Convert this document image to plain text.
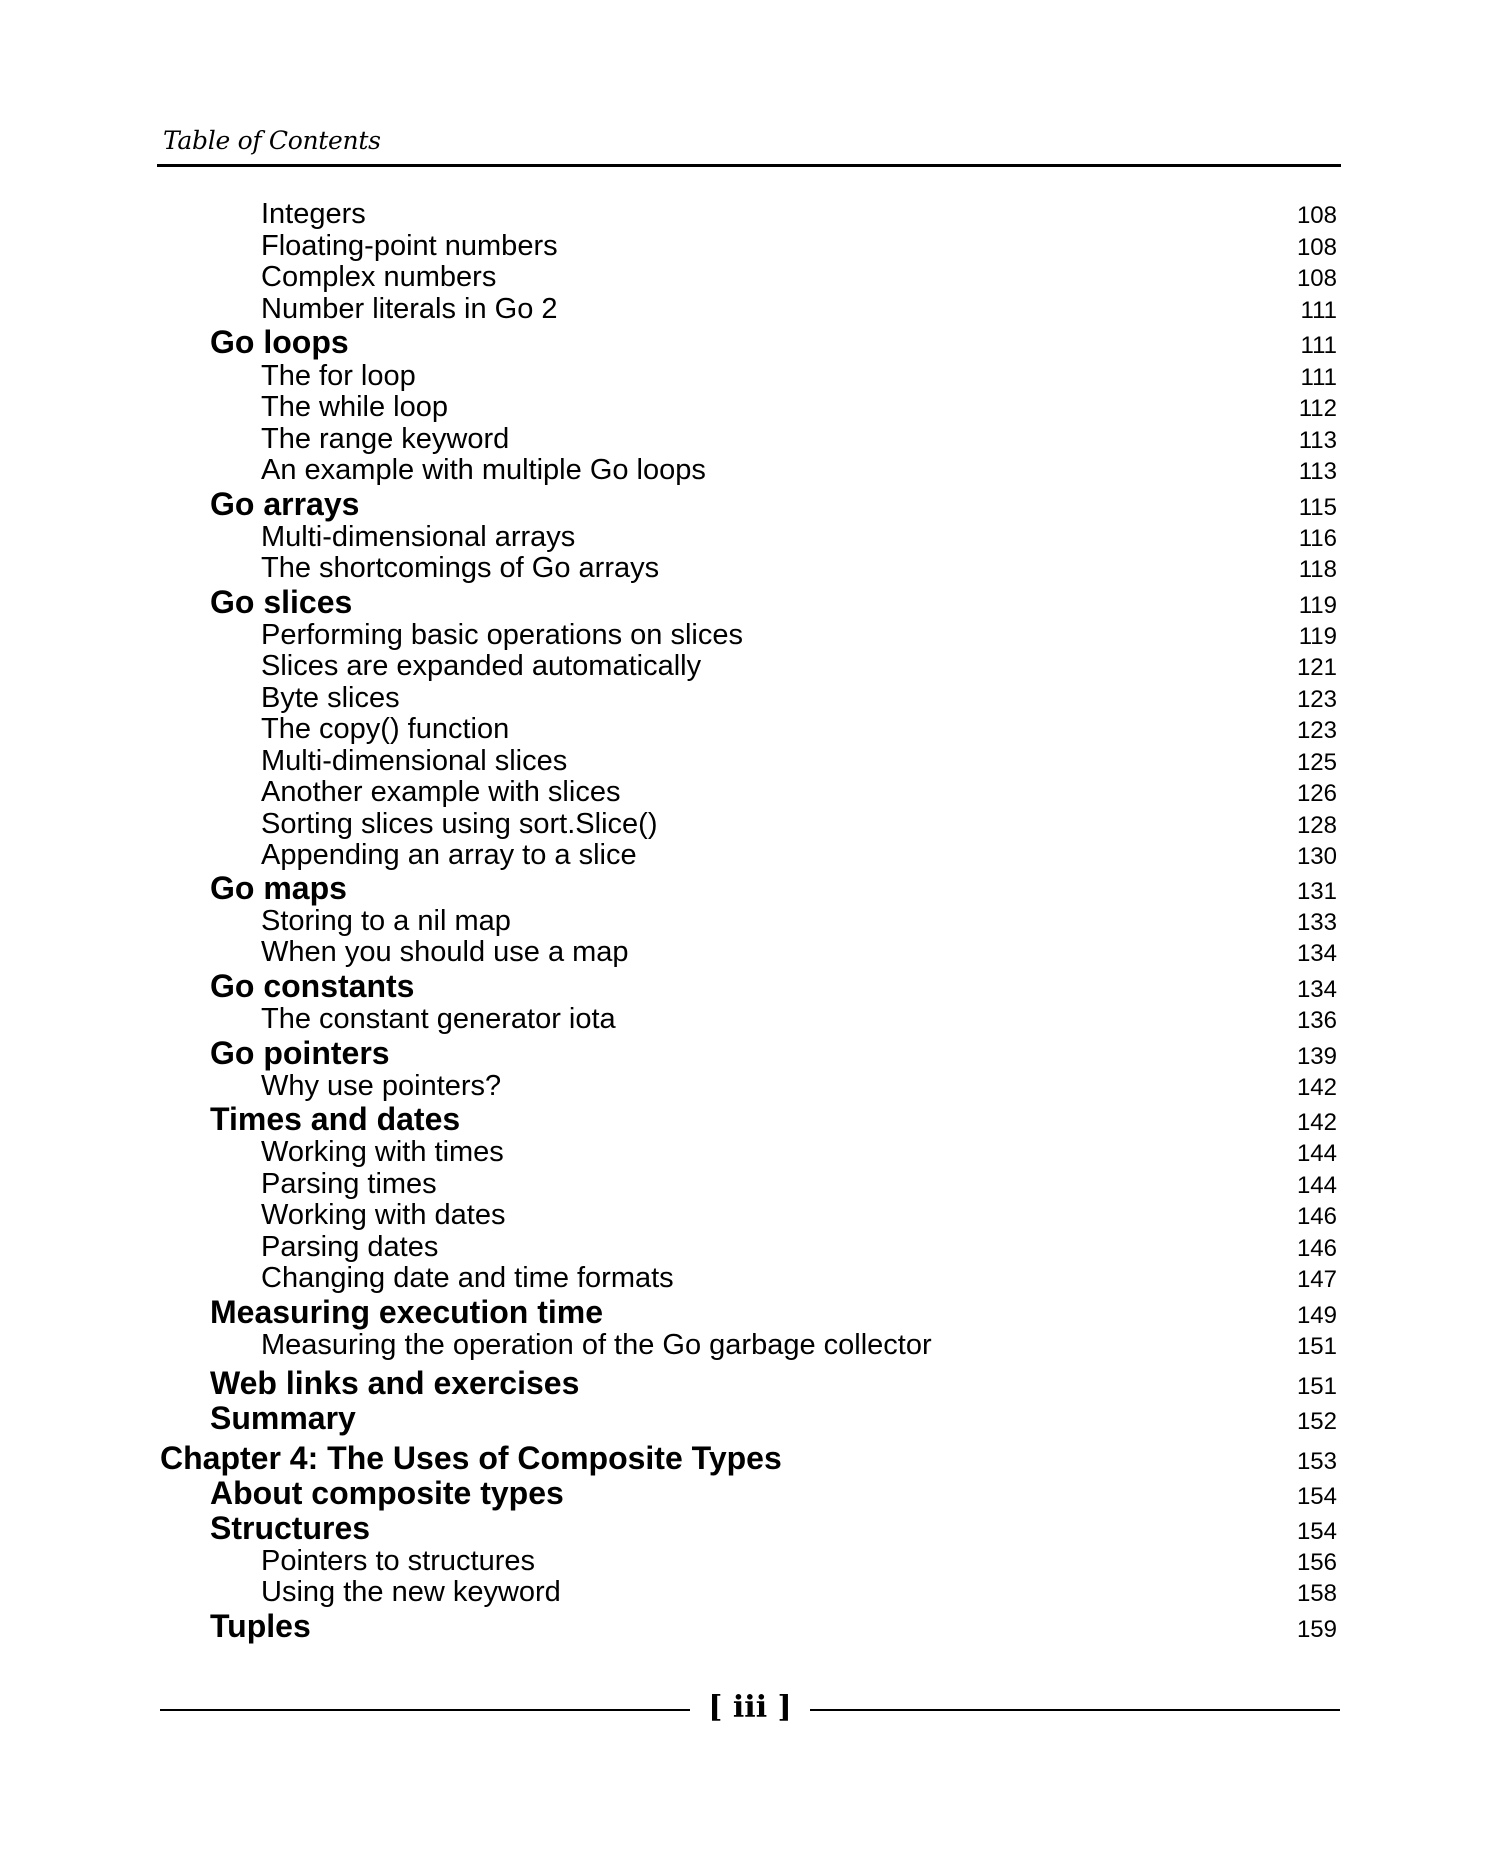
Table of Contents
Integers	108
Floating-point numbers	108
Complex numbers	108
Number literals in Go 2	111
Go loops	111
The for loop	111
The while loop	112
The range keyword	113
An example with multiple Go loops	113
Go arrays	115
Multi-dimensional arrays	116
The shortcomings of Go arrays	118
Go slices	119
Performing basic operations on slices	119
Slices are expanded automatically	121
Byte slices	123
The copy() function	123
Multi-dimensional slices	125
Another example with slices	126
Sorting slices using sort.Slice()	128
Appending an array to a slice	130
Go maps	131
Storing to a nil map	133
When you should use a map	134
Go constants	134
The constant generator iota	136
Go pointers	139
Why use pointers?	142
Times and dates	142
Working with times	144
Parsing times	144
Working with dates	146
Parsing dates	146
Changing date and time formats	147
Measuring execution time	149
Measuring the operation of the Go garbage collector	151
Web links and exercises	151
Summary	152
Chapter 4: The Uses of Composite Types	153
About composite types	154
Structures	154
Pointers to structures	156
Using the new keyword	158
Tuples	159
[ iii ]
